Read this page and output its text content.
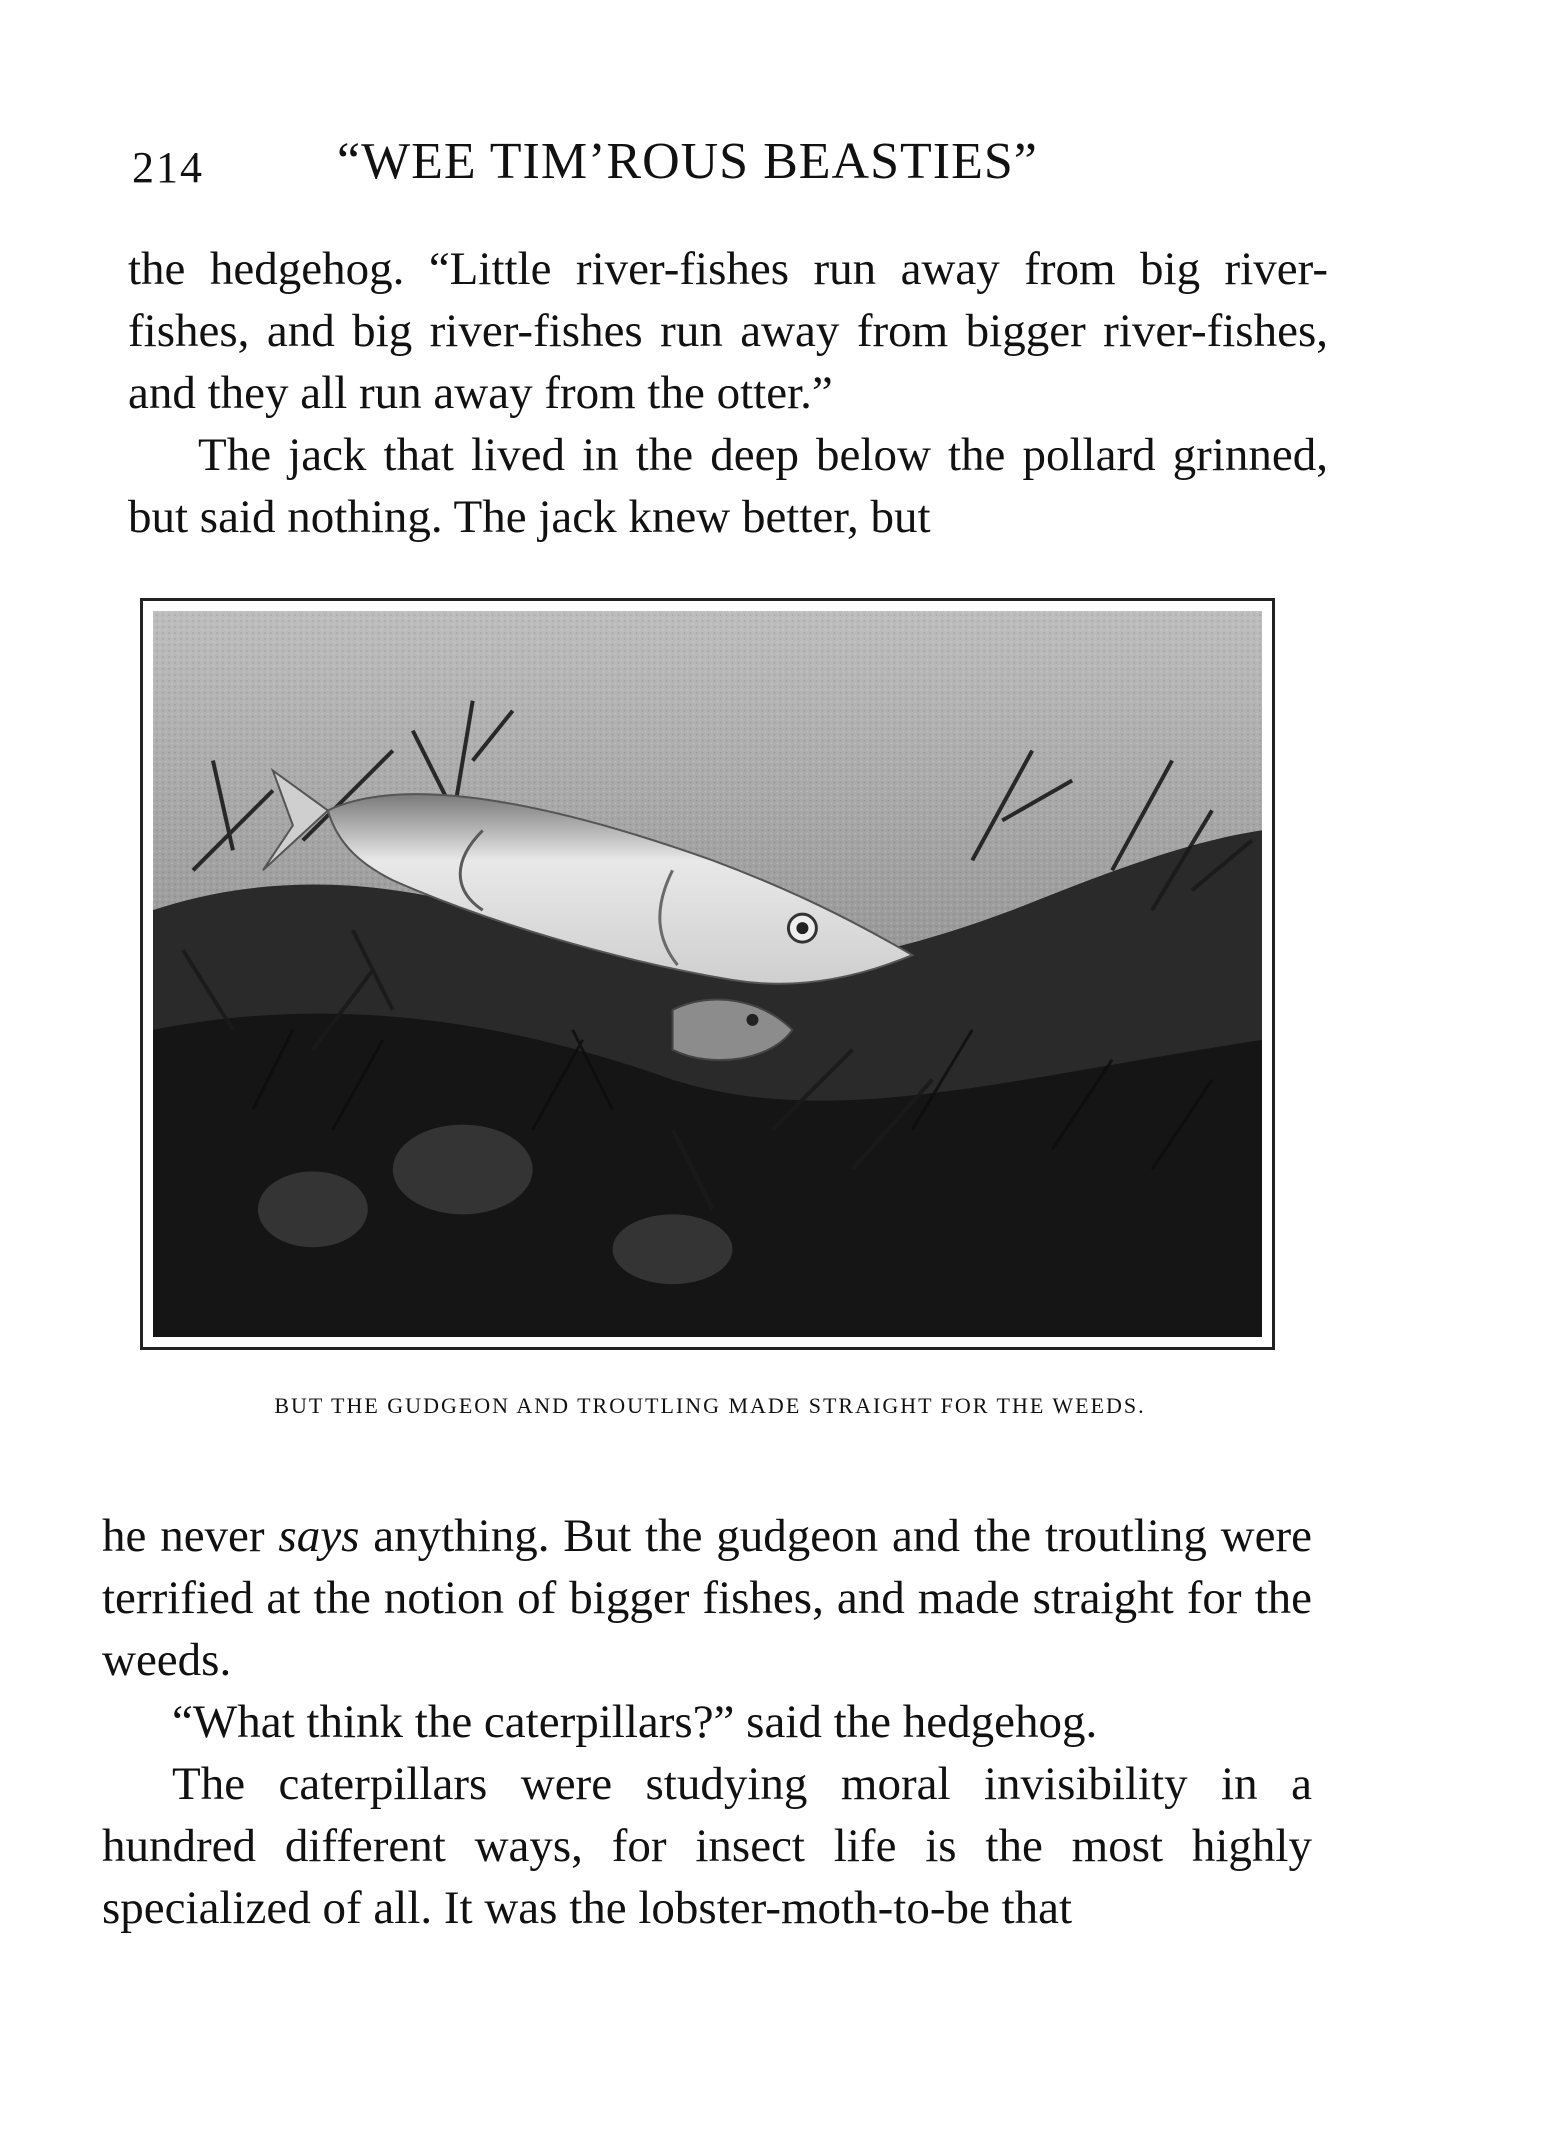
214	“WEE TIM’ROUS BEASTIES”

the hedgehog. “Little river-fishes run away from big river-fishes, and big river-fishes run away from bigger river-fishes, and they all run away from the otter.”

The jack that lived in the deep below the pollard grinned, but said nothing. The jack knew better, but

BUT THE GUDGEON AND TROUTLING MADE STRAIGHT FOR THE WEEDS.

he never says anything. But the gudgeon and the troutling were terrified at the notion of bigger fishes, and made straight for the weeds.

“What think the caterpillars?” said the hedgehog.

The caterpillars were studying moral invisibility in a hundred different ways, for insect life is the most highly specialized of all. It was the lobster-moth-to-be that
